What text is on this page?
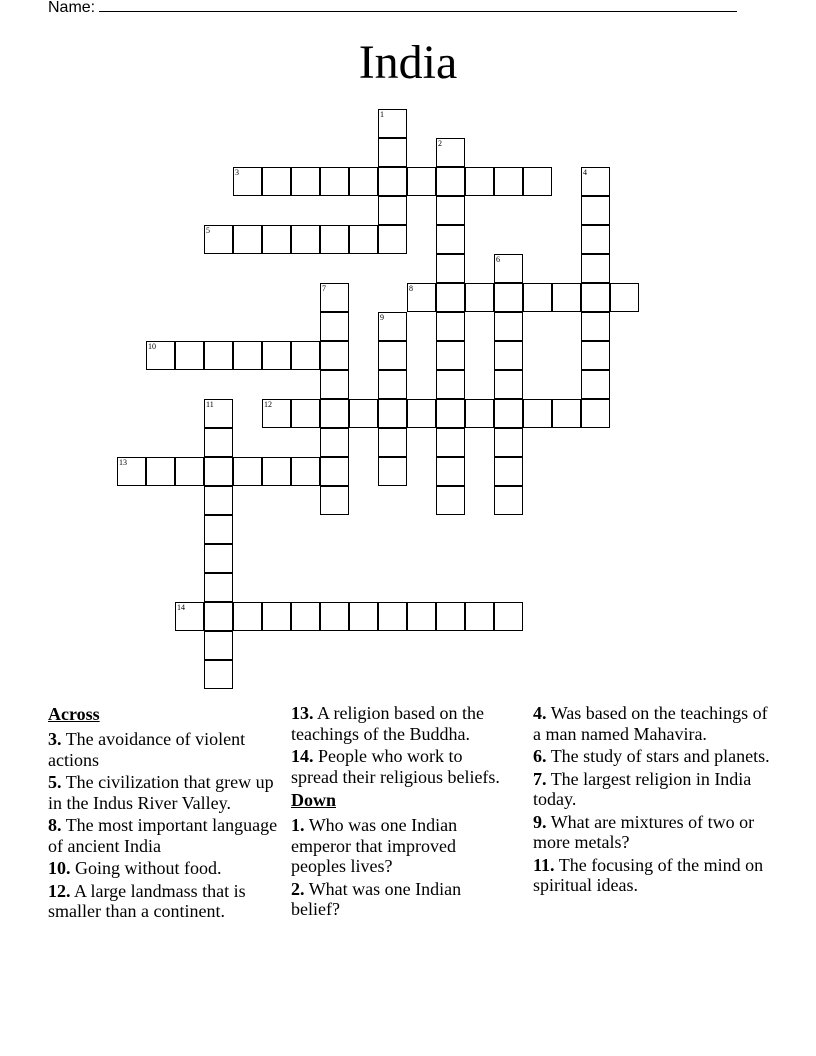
Name:
India
1
2
3	4
5
6
7	8
9
10
11	12
13
14
Across
3. The avoidance of violent actions
5. The civilization that grew up in the Indus River Valley.
8. The most important language of ancient India
10. Going without food.
12. A large landmass that is smaller than a continent.
13. A religion based on the teachings of the Buddha.
14. People who work to spread their religious beliefs.
Down
1. Who was one Indian emperor that improved peoples lives?
2. What was one Indian belief?
4. Was based on the teachings of a man named Mahavira.
6. The study of stars and planets.
7. The largest religion in India today.
9. What are mixtures of two or more metals?
11. The focusing of the mind on spiritual ideas.
